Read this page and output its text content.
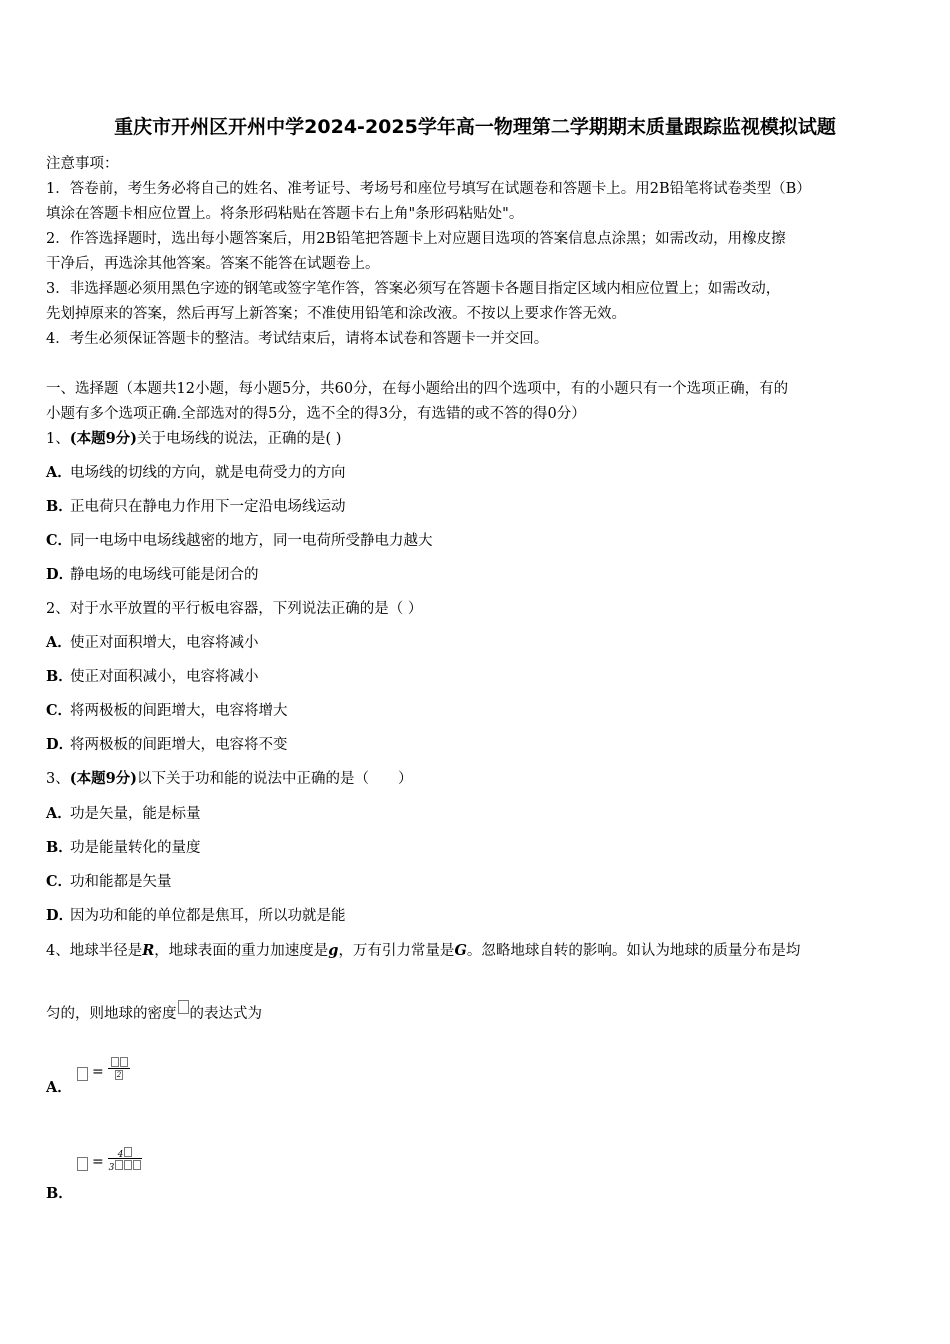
重庆市开州区开州中学2024-2025学年高一物理第二学期期末质量跟踪监视模拟试题
注意事项：
1．答卷前，考生务必将自己的姓名、准考证号、考场号和座位号填写在试题卷和答题卡上。用2B铅笔将试卷类型（B）
填涂在答题卡相应位置上。将条形码粘贴在答题卡右上角"条形码粘贴处"。
2．作答选择题时，选出每小题答案后，用2B铅笔把答题卡上对应题目选项的答案信息点涂黑；如需改动，用橡皮擦
干净后，再选涂其他答案。答案不能答在试题卷上。
3．非选择题必须用黑色字迹的钢笔或签字笔作答，答案必须写在答题卡各题目指定区域内相应位置上；如需改动，
先划掉原来的答案，然后再写上新答案；不准使用铅笔和涂改液。不按以上要求作答无效。
4．考生必须保证答题卡的整洁。考试结束后，请将本试卷和答题卡一并交回。
一、选择题（本题共12小题，每小题5分，共60分，在每小题给出的四个选项中，有的小题只有一个选项正确，有的
小题有多个选项正确.全部选对的得5分，选不全的得3分，有选错的或不答的得0分）
1、(本题9分)关于电场线的说法，正确的是( )
A．电场线的切线的方向，就是电荷受力的方向
B．正电荷只在静电力作用下一定沿电场线运动
C．同一电场中电场线越密的地方，同一电荷所受静电力越大
D．静电场的电场线可能是闭合的
2、对于水平放置的平行板电容器，下列说法正确的是（ ）
A．使正对面积增大，电容将减小
B．使正对面积减小，电容将减小
C．将两极板的间距增大，电容将增大
D．将两极板的间距增大，电容将不变
3、(本题9分)以下关于功和能的说法中正确的是（　　）
A．功是矢量，能是标量
B．功是能量转化的量度
C．功和能都是矢量
D．因为功和能的单位都是焦耳，所以功就是能
4、地球半径是R，地球表面的重力加速度是g，万有引力常量是G。忽略地球自转的影响。如认为地球的质量分布是均
匀的，则地球的密度 的表达式为
A．
=	$^2$
B．
=	4
3
